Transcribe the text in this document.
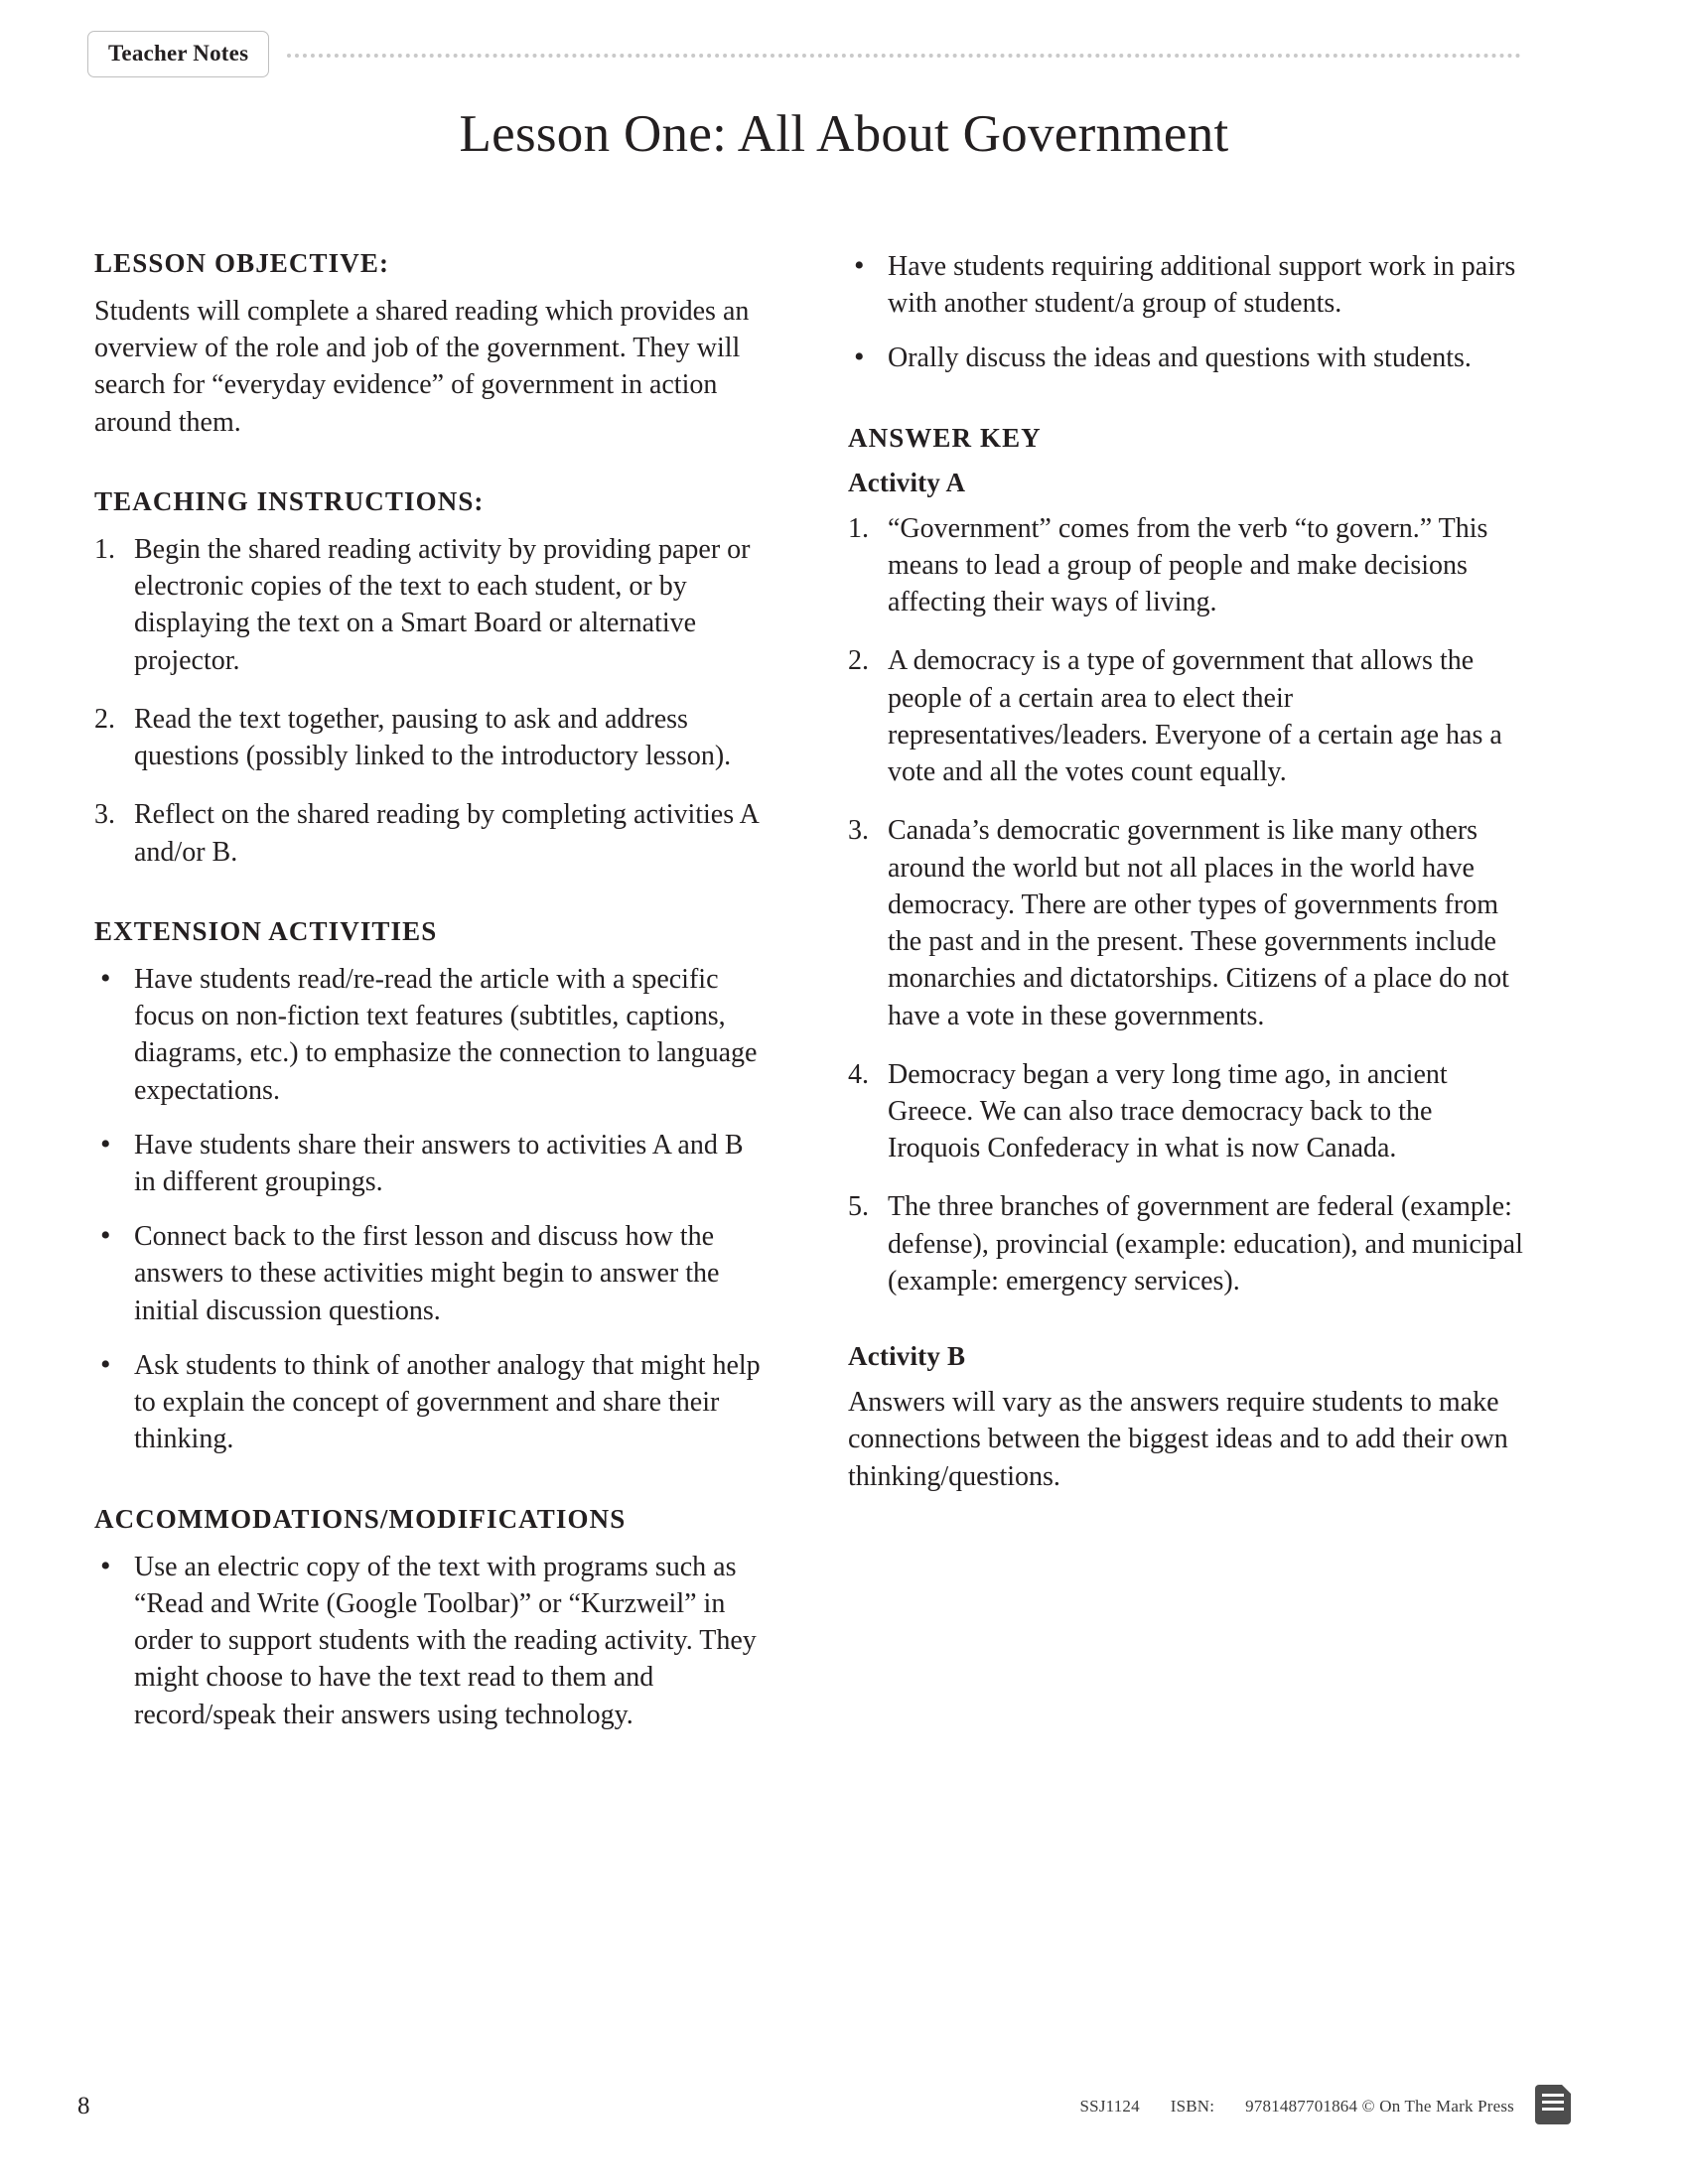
Teacher Notes
Lesson One: All About Government
LESSON OBJECTIVE:

Students will complete a shared reading which provides an overview of the role and job of the government. They will search for “everyday evidence” of government in action around them.

TEACHING INSTRUCTIONS:
1. Begin the shared reading activity by providing paper or electronic copies of the text to each student, or by displaying the text on a Smart Board or alternative projector.
2. Read the text together, pausing to ask and address questions (possibly linked to the introductory lesson).
3. Reflect on the shared reading by completing activities A and/or B.
EXTENSION ACTIVITIES
• Have students read/re-read the article with a specific focus on non-fiction text features (subtitles, captions, diagrams, etc.) to emphasize the connection to language expectations.
• Have students share their answers to activities A and B in different groupings.
• Connect back to the first lesson and discuss how the answers to these activities might begin to answer the initial discussion questions.
• Ask students to think of another analogy that might help to explain the concept of government and share their thinking.
ACCOMMODATIONS/MODIFICATIONS
• Use an electric copy of the text with programs such as “Read and Write (Google Toolbar)” or “Kurzweil” in order to support students with the reading activity. They might choose to have the text read to them and record/speak their answers using technology.
• Have students requiring additional support work in pairs with another student/a group of students.
• Orally discuss the ideas and questions with students.
ANSWER KEY
Activity A
1. “Government” comes from the verb “to govern.” This means to lead a group of people and make decisions affecting their ways of living.
2. A democracy is a type of government that allows the people of a certain area to elect their representatives/leaders. Everyone of a certain age has a vote and all the votes count equally.
3. Canada’s democratic government is like many others around the world but not all places in the world have democracy. There are other types of governments from the past and in the present. These governments include monarchies and dictatorships. Citizens of a place do not have a vote in these governments.
4. Democracy began a very long time ago, in ancient Greece. We can also trace democracy back to the Iroquois Confederacy in what is now Canada.
5. The three branches of government are federal (example: defense), provincial (example: education), and municipal (example: emergency services).
Activity B

Answers will vary as the answers require students to make connections between the biggest ideas and to add their own thinking/questions.

8	SSJ1124 ISBN: 9781487701864 © On The Mark Press
